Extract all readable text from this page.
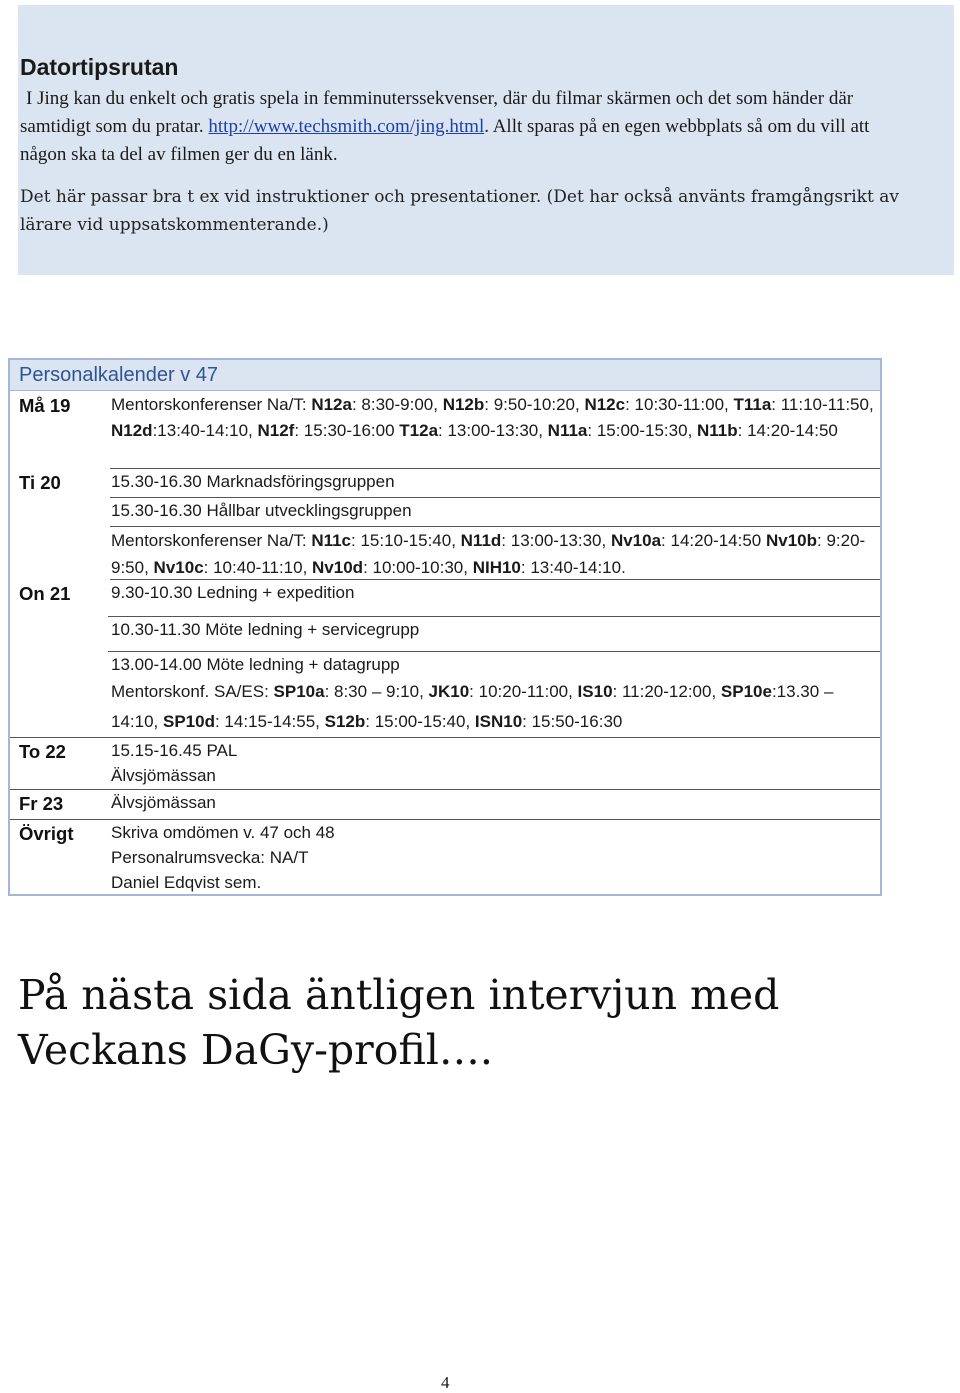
Datortipsrutan

I Jing kan du enkelt och gratis spela in femminuterssekvenser, där du filmar skärmen och det som händer där samtidigt som du pratar. http://www.techsmith.com/jing.html. Allt sparas på en egen webbplats så om du vill att någon ska ta del av filmen ger du en länk.

Det här passar bra t ex vid instruktioner och presentationer. (Det har också använts framgångsrikt av lärare vid uppsatskommenterande.)

Personalkalender v 47
Må 19
Ti 20
On 21
To 22
Fr 23
Övrigt
Mentorskonferenser Na/T: N12a: 8:30-9:00, N12b: 9:50-10:20, N12c: 10:30-11:00, T11a: 11:10-11:50, N12d:13:40-14:10, N12f: 15:30-16:00 T12a: 13:00-13:30, N11a: 15:00-15:30, N11b: 14:20-14:50
15.30-16.30 Marknadsföringsgruppen
15.30-16.30 Hållbar utvecklingsgruppen
Mentorskonferenser Na/T: N11c: 15:10-15:40, N11d: 13:00-13:30, Nv10a: 14:20-14:50 Nv10b: 9:20-9:50, Nv10c: 10:40-11:10, Nv10d: 10:00-10:30, NIH10: 13:40-14:10.
9.30-10.30 Ledning + expedition
10.30-11.30 Möte ledning + servicegrupp
13.00-14.00 Möte ledning + datagrupp
Mentorskonf. SA/ES: SP10a: 8:30 – 9:10, JK10: 10:20-11:00, IS10: 11:20-12:00, SP10e:13.30 – 14:10, SP10d: 14:15-14:55, S12b: 15:00-15:40, ISN10: 15:50-16:30
15.15-16.45 PAL
Älvsjömässan
Älvsjömässan
Skriva omdömen v. 47 och 48
Personalrumsvecka: NA/T
Daniel Edqvist sem.
På nästa sida äntligen intervjun med
Veckans DaGy-profil….
4
